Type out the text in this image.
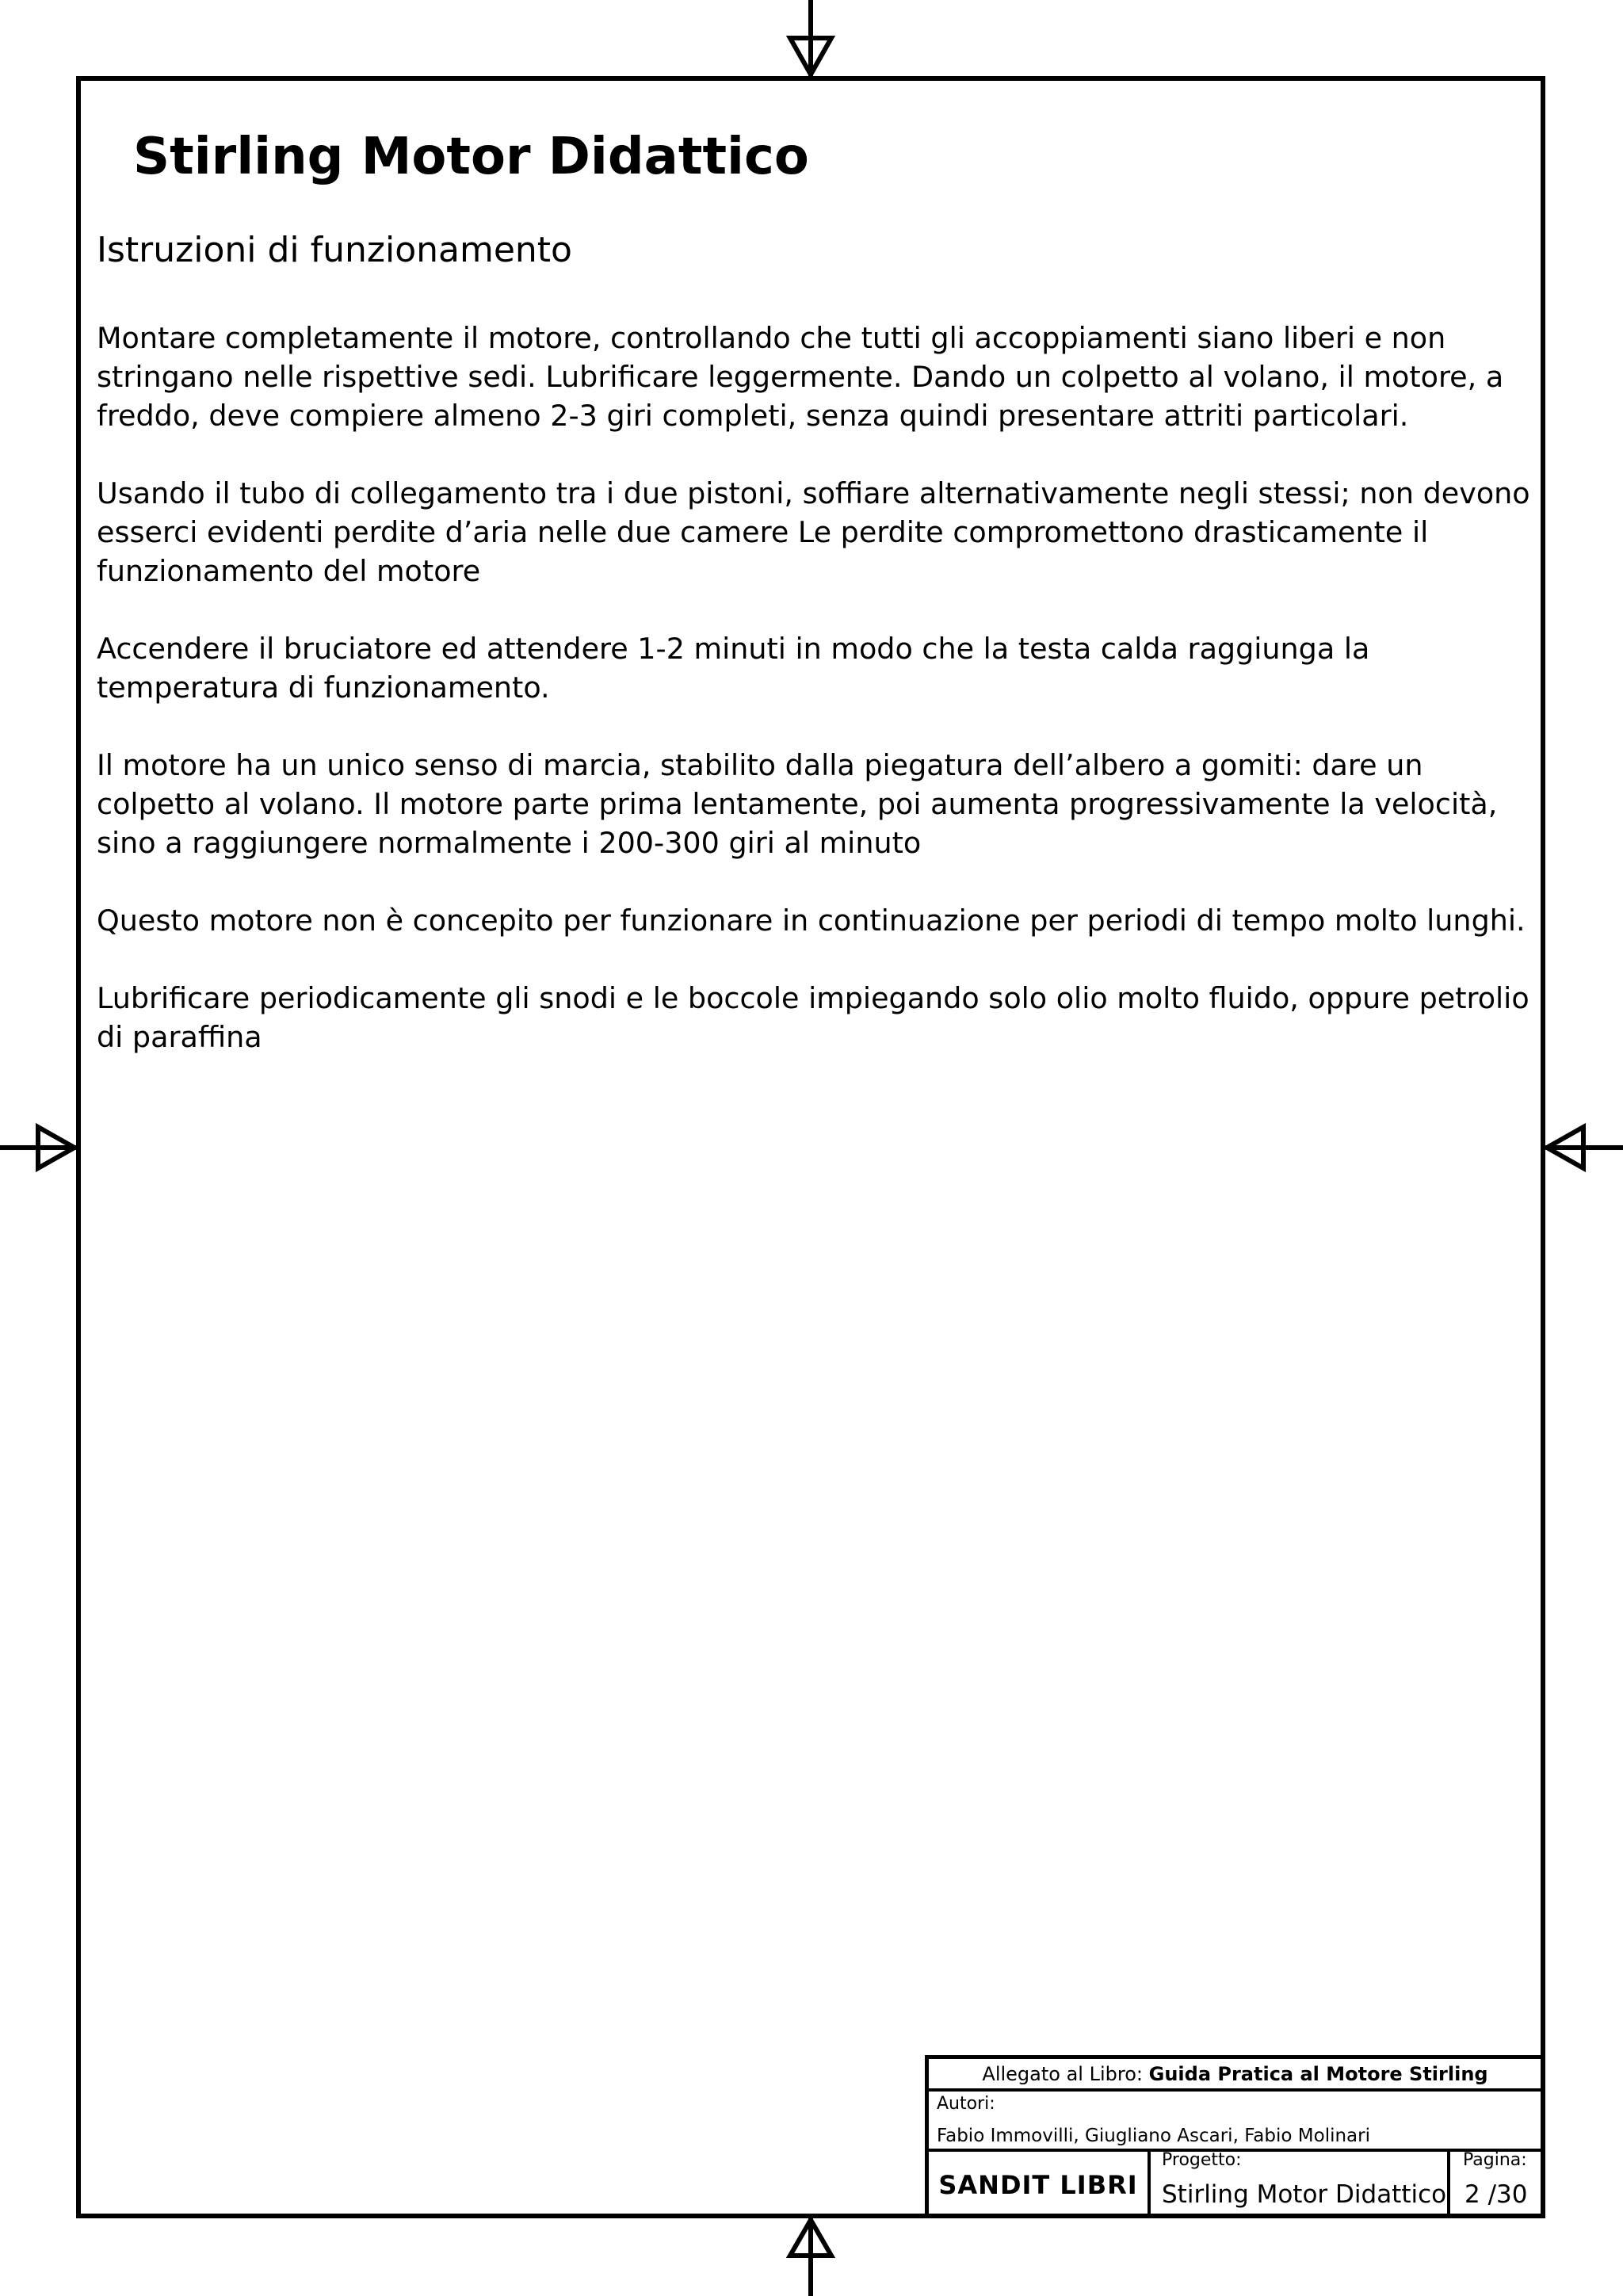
Stirling Motor Didattico
Istruzioni di funzionamento

Montare completamente il motore, controllando che tutti gli accoppiamenti siano liberi e non stringano nelle rispettive sedi. Lubrificare leggermente. Dando un colpetto al volano, il motore, a freddo, deve compiere almeno 2-3 giri completi, senza quindi presentare attriti particolari.

Usando il tubo di collegamento tra i due pistoni, soffiare alternativamente negli stessi; non devono esserci evidenti perdite d’aria nelle due camere Le perdite compromettono drasticamente il funzionamento del motore

Accendere il bruciatore ed attendere 1-2 minuti in modo che la testa calda raggiunga la temperatura di funzionamento.

Il motore ha un unico senso di marcia, stabilito dalla piegatura dell’albero a gomiti: dare un colpetto al volano. Il motore parte prima lentamente, poi aumenta progressivamente la velocità, sino a raggiungere normalmente i 200-300 giri al minuto

Questo motore non è concepito per funzionare in continuazione per periodi di tempo molto lunghi.

Lubrificare periodicamente gli snodi e le boccole impiegando solo olio molto fluido, oppure petrolio di paraffina

Allegato al Libro:
Guida Pratica al Motore Stirling
Autori:
Fabio Immovilli, Giugliano Ascari, Fabio Molinari
SANDIT LIBRI
Progetto:
Stirling Motor Didattico
Pagina:
2 /30
